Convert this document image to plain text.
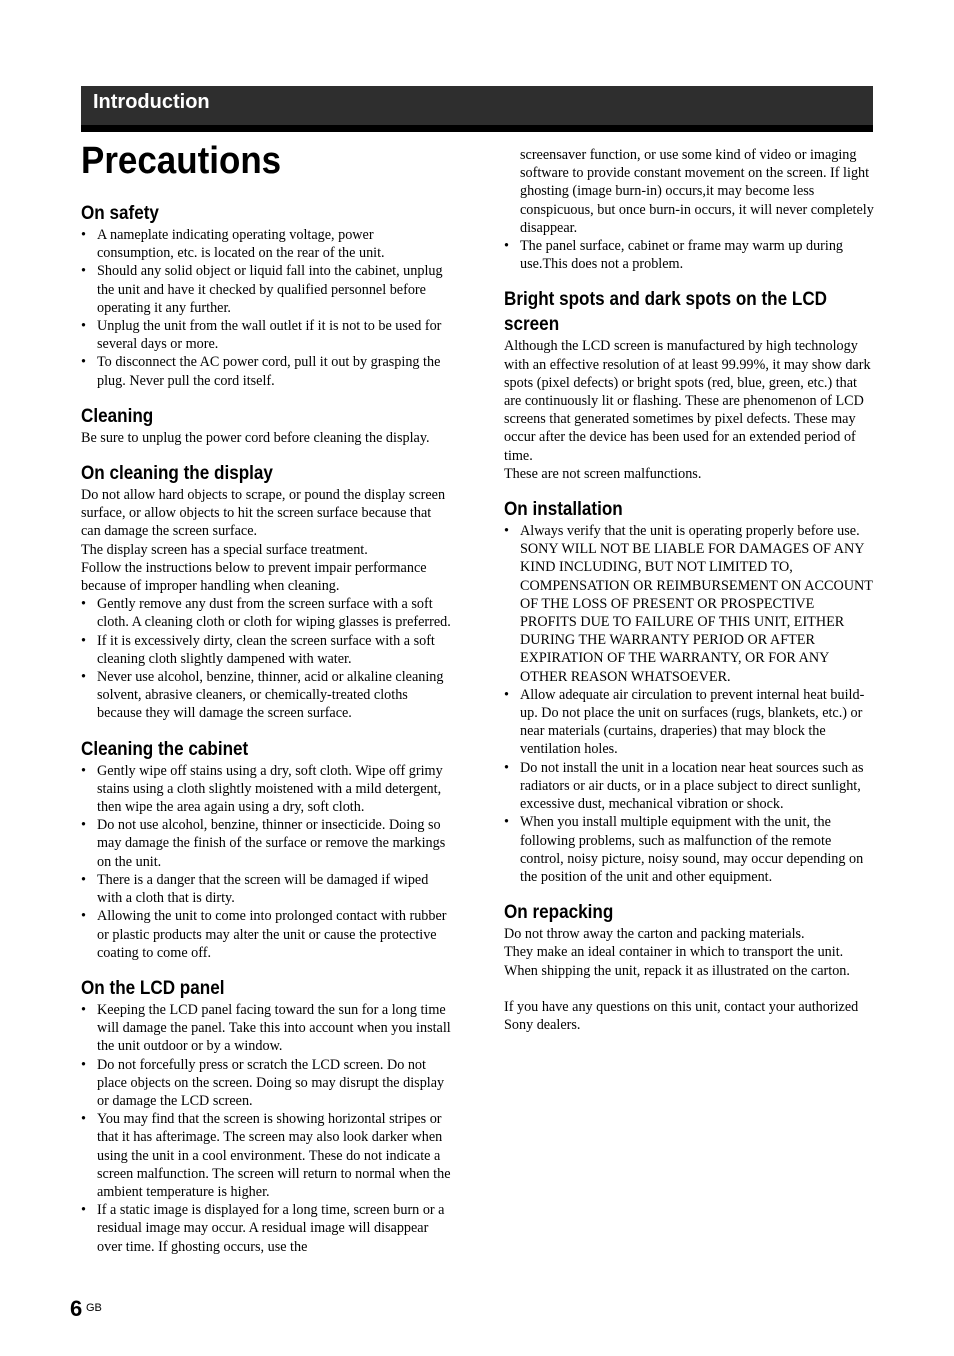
Introduction
Precautions
On safety
• A nameplate indicating operating voltage, power consumption, etc. is located on the rear of the unit.
• Should any solid object or liquid fall into the cabinet, unplug the unit and have it checked by qualified personnel before operating it any further.
• Unplug the unit from the wall outlet if it is not to be used for several days or more.
• To disconnect the AC power cord, pull it out by grasping the plug. Never pull the cord itself.
Cleaning

Be sure to unplug the power cord before cleaning the display.

On cleaning the display

Do not allow hard objects to scrape, or pound the display screen surface, or allow objects to hit the screen surface because that can damage the screen surface.

The display screen has a special surface treatment.

Follow the instructions below to prevent impair performance because of improper handling when cleaning.

• Gently remove any dust from the screen surface with a soft cloth. A cleaning cloth or cloth for wiping glasses is preferred.
• If it is excessively dirty, clean the screen surface with a soft cleaning cloth slightly dampened with water.
• Never use alcohol, benzine, thinner, acid or alkaline cleaning solvent, abrasive cleaners, or chemically-treated cloths because they will damage the screen surface.
Cleaning the cabinet
• Gently wipe off stains using a dry, soft cloth. Wipe off grimy stains using a cloth slightly moistened with a mild detergent, then wipe the area again using a dry, soft cloth.
• Do not use alcohol, benzine, thinner or insecticide. Doing so may damage the finish of the surface or remove the markings on the unit.
• There is a danger that the screen will be damaged if wiped with a cloth that is dirty.
• Allowing the unit to come into prolonged contact with rubber or plastic products may alter the unit or cause the protective coating to come off.
On the LCD panel
• Keeping the LCD panel facing toward the sun for a long time will damage the panel. Take this into account when you install the unit outdoor or by a window.
• Do not forcefully press or scratch the LCD screen. Do not place objects on the screen. Doing so may disrupt the display or damage the LCD screen.
• You may find that the screen is showing horizontal stripes or that it has afterimage. The screen may also look darker when using the unit in a cool environment. These do not indicate a screen malfunction. The screen will return to normal when the ambient temperature is higher.
• If a static image is displayed for a long time, screen burn or a residual image may occur. A residual image will disappear over time. If ghosting occurs, use the

screensaver function, or use some kind of video or imaging software to provide constant movement on the screen. If light ghosting (image burn-in) occurs,it may become less conspicuous, but once burn-in occurs, it will never completely disappear.

• The panel surface, cabinet or frame may warm up during use.This does not a problem.
Bright spots and dark spots on the LCD screen

Although the LCD screen is manufactured by high technology with an effective resolution of at least 99.99%, it may show dark spots (pixel defects) or bright spots (red, blue, green, etc.) that are continuously lit or flashing. These are phenomenon of LCD screens that generated sometimes by pixel defects. These may occur after the device has been used for an extended period of time.

These are not screen malfunctions.

On installation
• Always verify that the unit is operating properly before use. SONY WILL NOT BE LIABLE FOR DAMAGES OF ANY KIND INCLUDING, BUT NOT LIMITED TO, COMPENSATION OR REIMBURSEMENT ON ACCOUNT OF THE LOSS OF PRESENT OR PROSPECTIVE PROFITS DUE TO FAILURE OF THIS UNIT, EITHER DURING THE WARRANTY PERIOD OR AFTER EXPIRATION OF THE WARRANTY, OR FOR ANY OTHER REASON WHATSOEVER.
• Allow adequate air circulation to prevent internal heat build-up. Do not place the unit on surfaces (rugs, blankets, etc.) or near materials (curtains, draperies) that may block the ventilation holes.
• Do not install the unit in a location near heat sources such as radiators or air ducts, or in a place subject to direct sunlight, excessive dust, mechanical vibration or shock.
• When you install multiple equipment with the unit, the following problems, such as malfunction of the remote control, noisy picture, noisy sound, may occur depending on the position of the unit and other equipment.
On repacking

Do not throw away the carton and packing materials.

They make an ideal container in which to transport the unit.

When shipping the unit, repack it as illustrated on the carton.

If you have any questions on this unit, contact your authorized Sony dealers.

6 GB
